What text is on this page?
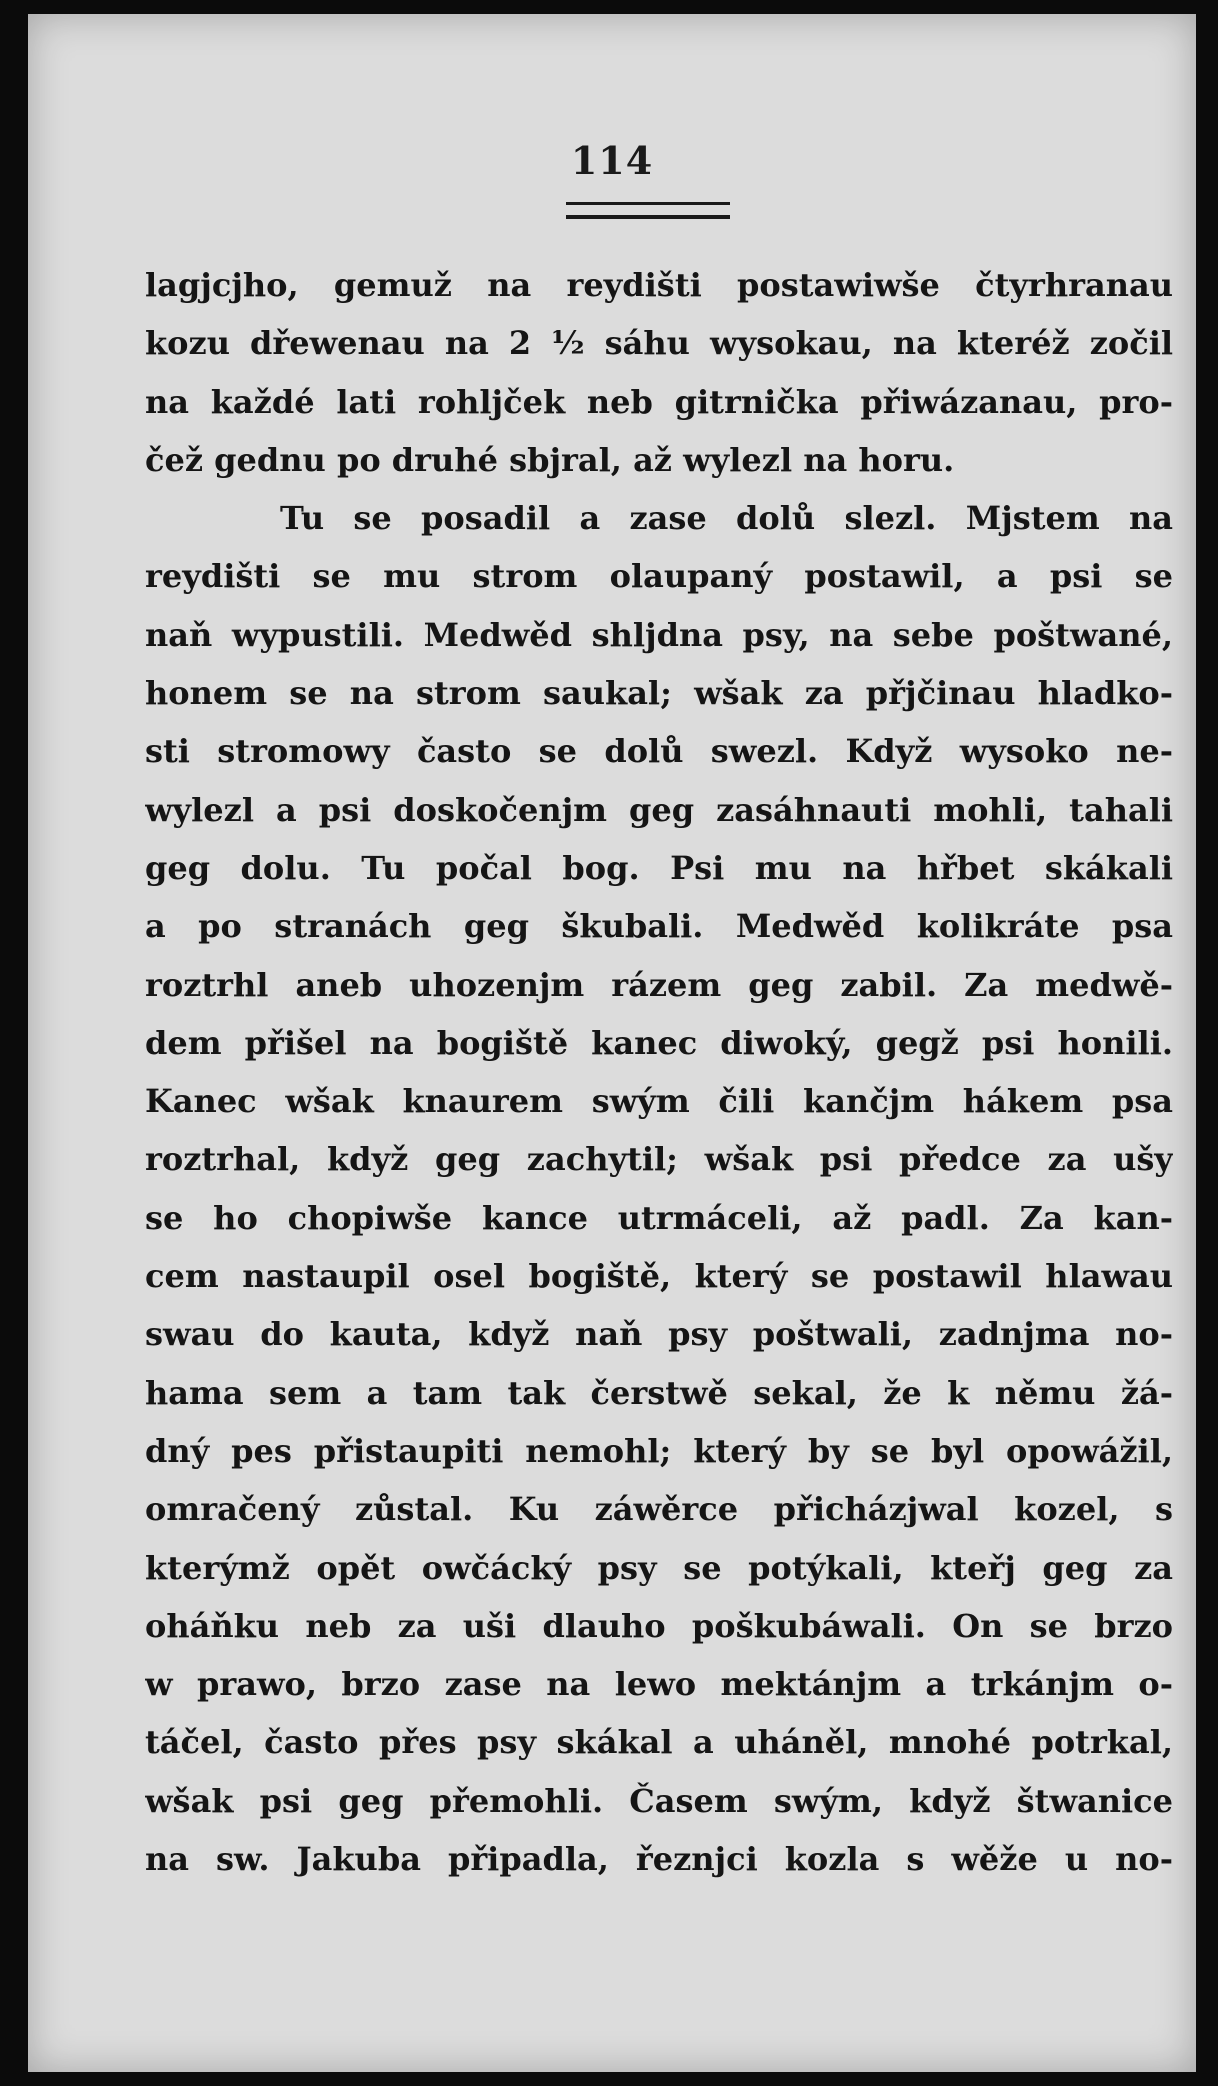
114
lagjcjho, gemuž na reydišti postawiwše čtyrhranau
kozu dřewenau na 2 ½ sáhu wysokau, na kteréž zočil
na každé lati rohljček neb gitrnička přiwázanau, pro-
čež gednu po druhé sbjral, až wylezl na horu.
Tu se posadil a zase dolů slezl. Mjstem na
reydišti se mu strom olaupaný postawil, a psi se
naň wypustili. Medwěd shljdna psy, na sebe poštwané,
honem se na strom saukal; wšak za přjčinau hladko-
sti stromowy často se dolů swezl. Když wysoko ne-
wylezl a psi doskočenjm geg zasáhnauti mohli, tahali
geg dolu. Tu počal bog. Psi mu na hřbet skákali
a po stranách geg škubali. Medwěd kolikráte psa
roztrhl aneb uhozenjm rázem geg zabil. Za medwě-
dem přišel na bogiště kanec diwoký, gegž psi honili.
Kanec wšak knaurem swým čili kančjm hákem psa
roztrhal, když geg zachytil; wšak psi předce za ušy
se ho chopiwše kance utrmáceli, až padl. Za kan-
cem nastaupil osel bogiště, který se postawil hlawau
swau do kauta, když naň psy poštwali, zadnjma no-
hama sem a tam tak čerstwě sekal, že k němu žá-
dný pes přistaupiti nemohl; který by se byl opowážil,
omračený zůstal. Ku záwěrce přicházjwal kozel, s
kterýmž opět owčácký psy se potýkali, kteřj geg za
oháňku neb za uši dlauho poškubáwali. On se brzo
w prawo, brzo zase na lewo mektánjm a trkánjm o-
táčel, často přes psy skákal a uháněl, mnohé potrkal,
wšak psi geg přemohli. Časem swým, když štwanice
na sw. Jakuba připadla, řeznjci kozla s wěže u no-
